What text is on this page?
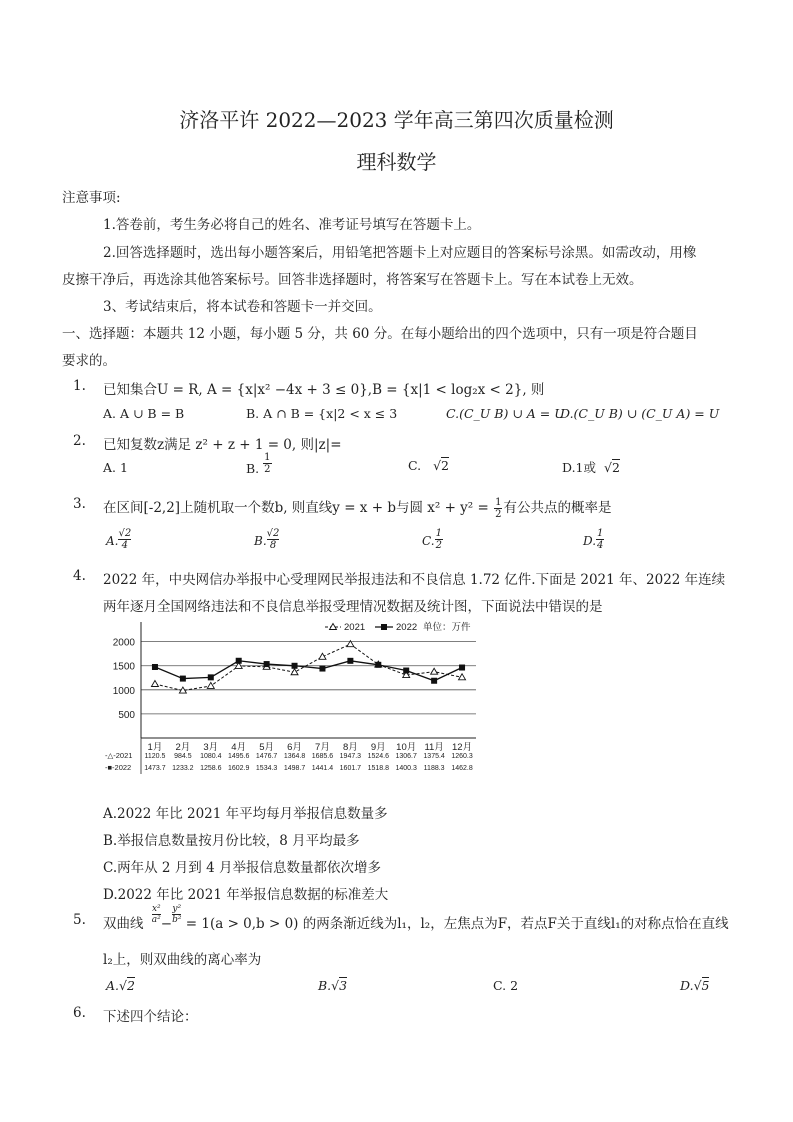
济洛平许 2022—2023 学年高三第四次质量检测
理科数学
注意事项:
1.答卷前，考生务必将自己的姓名、准考证号填写在答题卡上。
2.回答选择题时，选出每小题答案后，用铅笔把答题卡上对应题目的答案标号涂黑。如需改动，用橡
皮擦干净后，再选涂其他答案标号。回答非选择题时，将答案写在答题卡上。写在本试卷上无效。
3、考试结束后，将本试卷和答题卡一并交回。
一、选择题：本题共 12 小题，每小题 5 分，共 60 分。在每小题给出的四个选项中，只有一项是符合题目
要求的。
1. 已知集合U = R, A = {x|x² −4x + 3 ≤ 0},B = {x|1 < log₂x < 2}, 则
A. A ∪ B = B	B. A ∩ B = {x|2 < x ≤ 3	C.(C_U B) ∪ A = U
D.(C_U B) ∪ (C_U A) = U
2. 已知复数z满足 z² + z + 1 = 0, 则|z|=
A. 1	B. $\frac{1}{2}$	C. √2	D.1或 √2
3. 在区间[-2,2]上随机取一个数b, 则直线y = x + b与圆 $x^2 + y^2 = \frac{1}{2}$ 有公共点的概率是
A. $\frac{√2}{4}$	B. $\frac{√2}{8}$	C. $\frac{1}{2}$	D. $\frac{1}{4}$
4. 2022 年，中央网信办举报中心受理网民举报违法和不良信息 1.72 亿件.下面是 2021 年、2022 年连续
两年逐月全国网络违法和不良信息举报受理情况数据及统计图，下面说法中错误的是
500
1000
1500
2000
1月 2月 3月 4月 5月 6月 7月 8月 9月 10月 11月 12月
2021	2022 单位：万件
-△-2021 1120.5 984.5 1080.4 1495.6 1476.7 1364.8 1685.6 1947.3 1524.6 1306.7 1375.4 1260.3
-■-2022 1473.7 1233.2 1258.6 1602.9 1534.3 1498.7 1441.4 1601.7 1518.8 1400.3 1188.3 1462.8
A.2022 年比 2021 年平均每月举报信息数量多
B.举报信息数量按月份比较，8 月平均最多
C.两年从 2 月到 4 月举报信息数量都依次增多
D.2022 年比 2021 年举报信息数据的标准差大
5. 双曲线 $\frac{\text{x²}}{\text{a²}} - \frac{\text{y²}}{\text{b²}} = 1(a > 0,b > 0)$ 的两条渐近线为l₁，l₂，左焦点为F，若点F关于直线l₁的对称点恰在直线
l₂上，则双曲线的离心率为
A.√2	B.√3	C. 2	D.√5
6. 下述四个结论：
